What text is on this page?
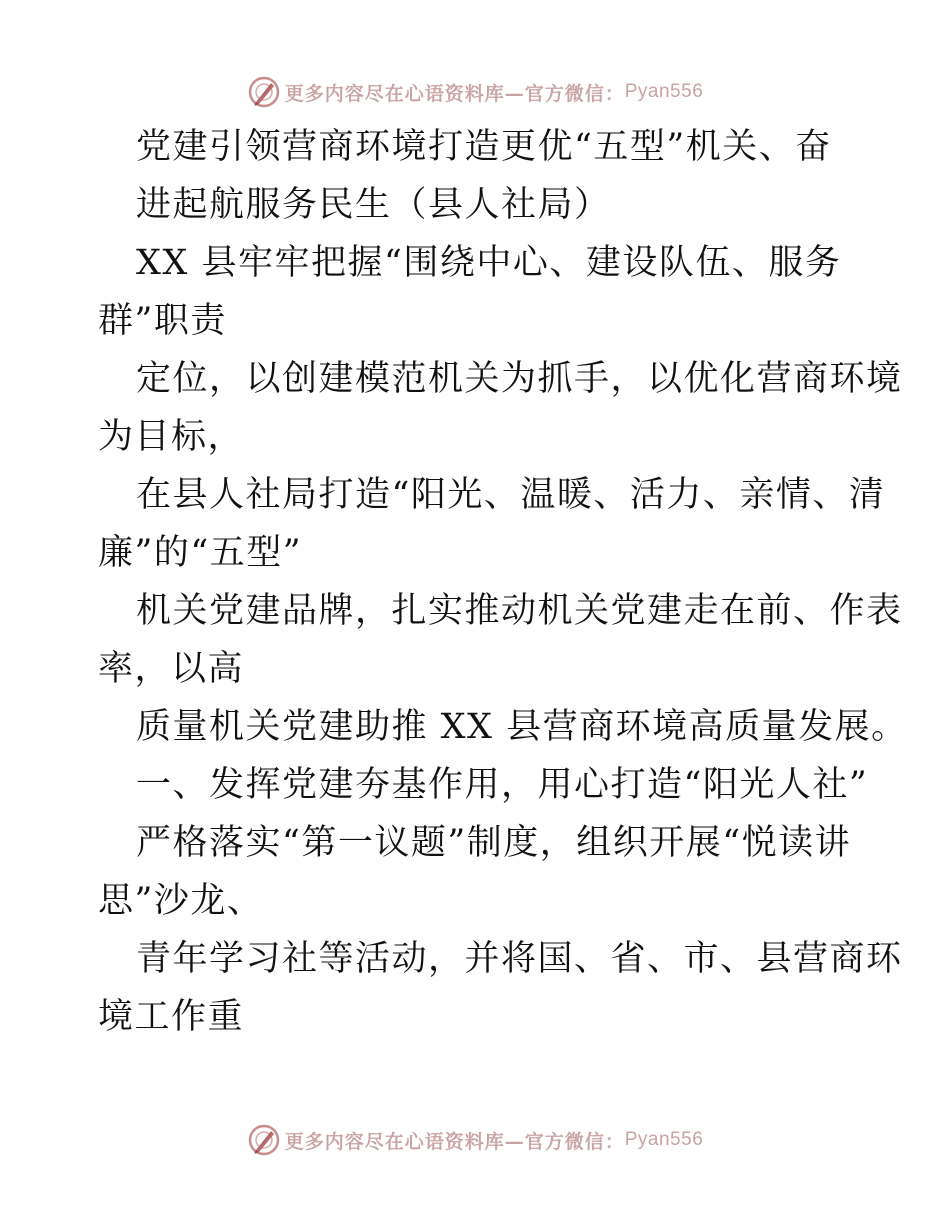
更多内容尽在心语资料库—官方微信： Pyan556
党建引领营商环境打造更优“五型”机关、奋
进起航服务民生（县人社局）
XX 县牢牢把握“围绕中心、建设队伍、服务
群”职责
定位，以创建模范机关为抓手，以优化营商环境
为目标，
在县人社局打造“阳光、温暖、活力、亲情、清
廉”的“五型”
机关党建品牌，扎实推动机关党建走在前、作表
率，以高
质量机关党建助推 XX 县营商环境高质量发展。
一、发挥党建夯基作用，用心打造“阳光人社”
严格落实“第一议题”制度，组织开展“悦读讲
思”沙龙、
青年学习社等活动，并将国、省、市、县营商环
境工作重
更多内容尽在心语资料库—官方微信： Pyan556
